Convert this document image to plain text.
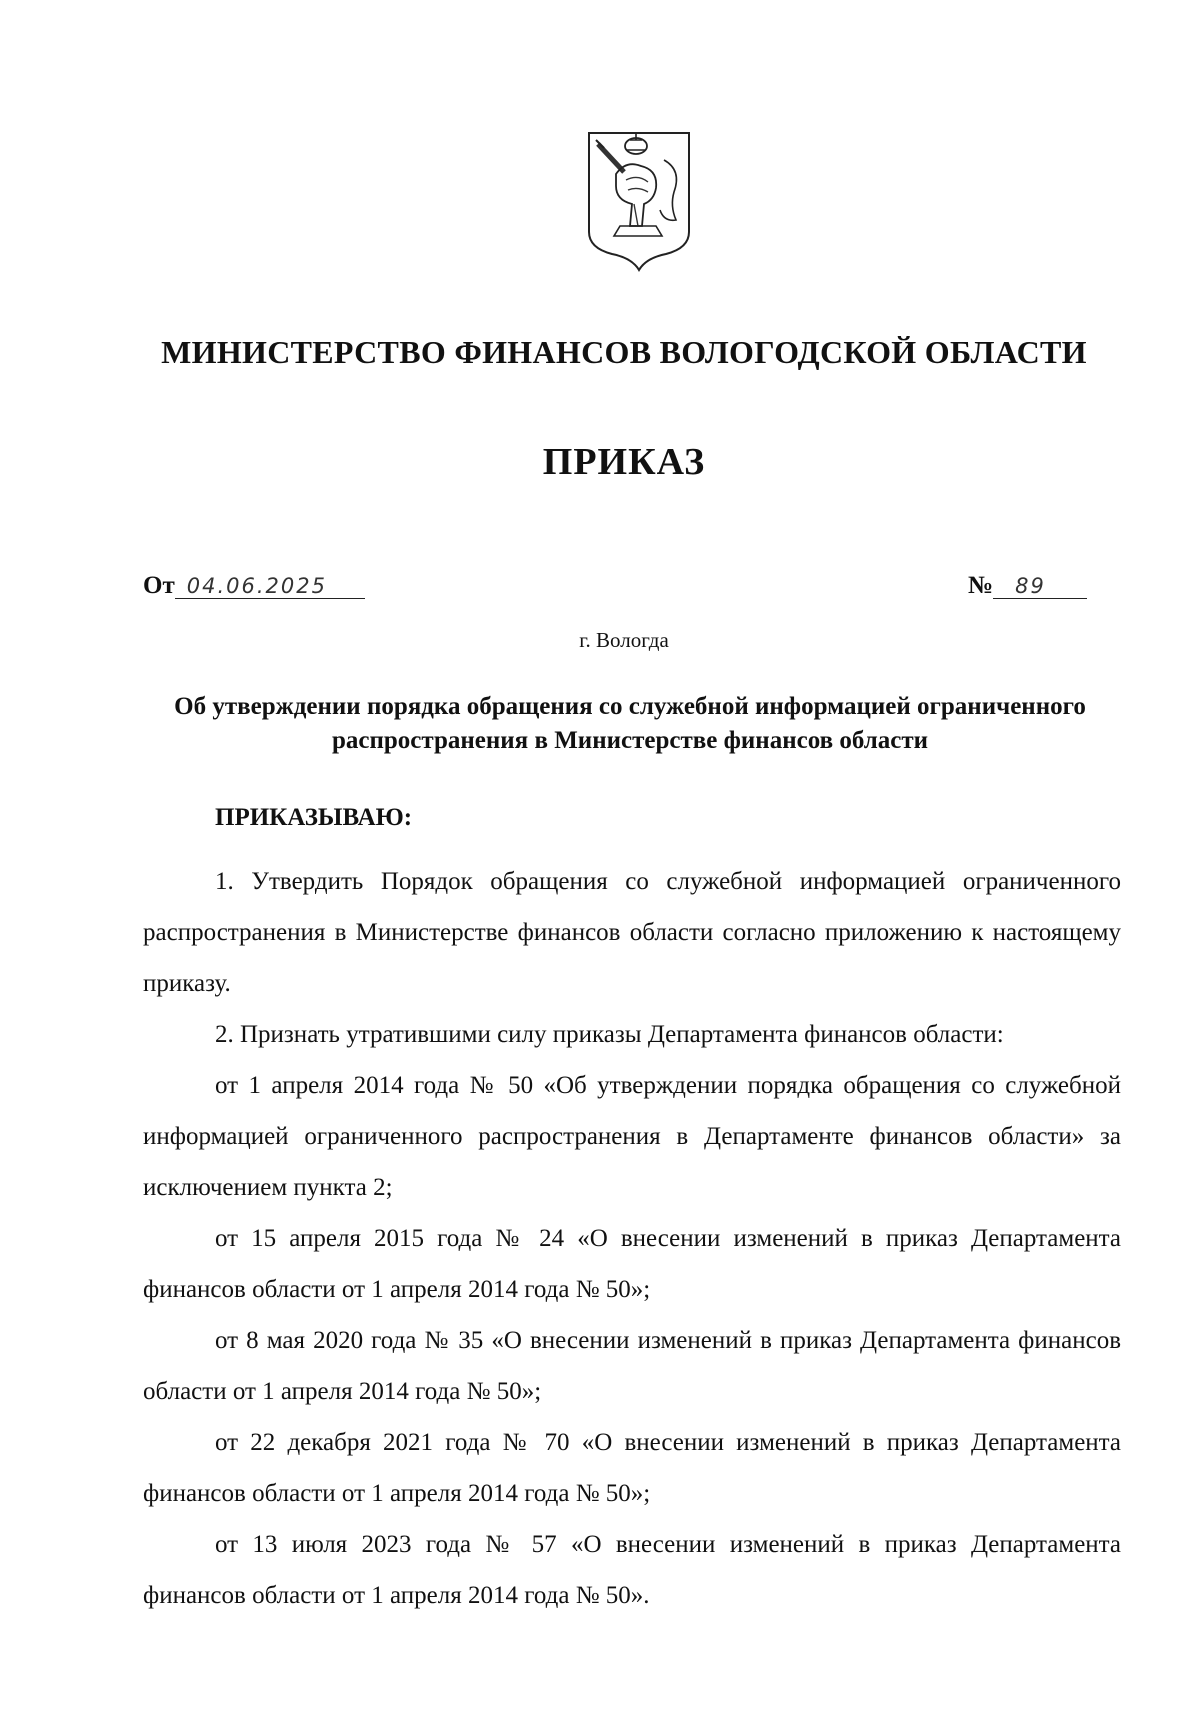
МИНИСТЕРСТВО ФИНАНСОВ ВОЛОГОДСКОЙ ОБЛАСТИ
ПРИКАЗ
От 04.06.2025	№ 89
г. Вологда
Об утверждении порядка обращения со служебной информацией ограниченного распространения в Министерстве финансов области
ПРИКАЗЫВАЮ:

1. Утвердить Порядок обращения со служебной информацией ограниченного распространения в Министерстве финансов области согласно приложению к настоящему приказу.

2. Признать утратившими силу приказы Департамента финансов области:

от 1 апреля 2014 года № 50 «Об утверждении порядка обращения со служебной информацией ограниченного распространения в Департаменте финансов области» за исключением пункта 2;

от 15 апреля 2015 года № 24 «О внесении изменений в приказ Департамента финансов области от 1 апреля 2014 года № 50»;

от 8 мая 2020 года № 35 «О внесении изменений в приказ Департамента финансов области от 1 апреля 2014 года № 50»;

от 22 декабря 2021 года № 70 «О внесении изменений в приказ Департамента финансов области от 1 апреля 2014 года № 50»;

от 13 июля 2023 года № 57 «О внесении изменений в приказ Департамента финансов области от 1 апреля 2014 года № 50».
